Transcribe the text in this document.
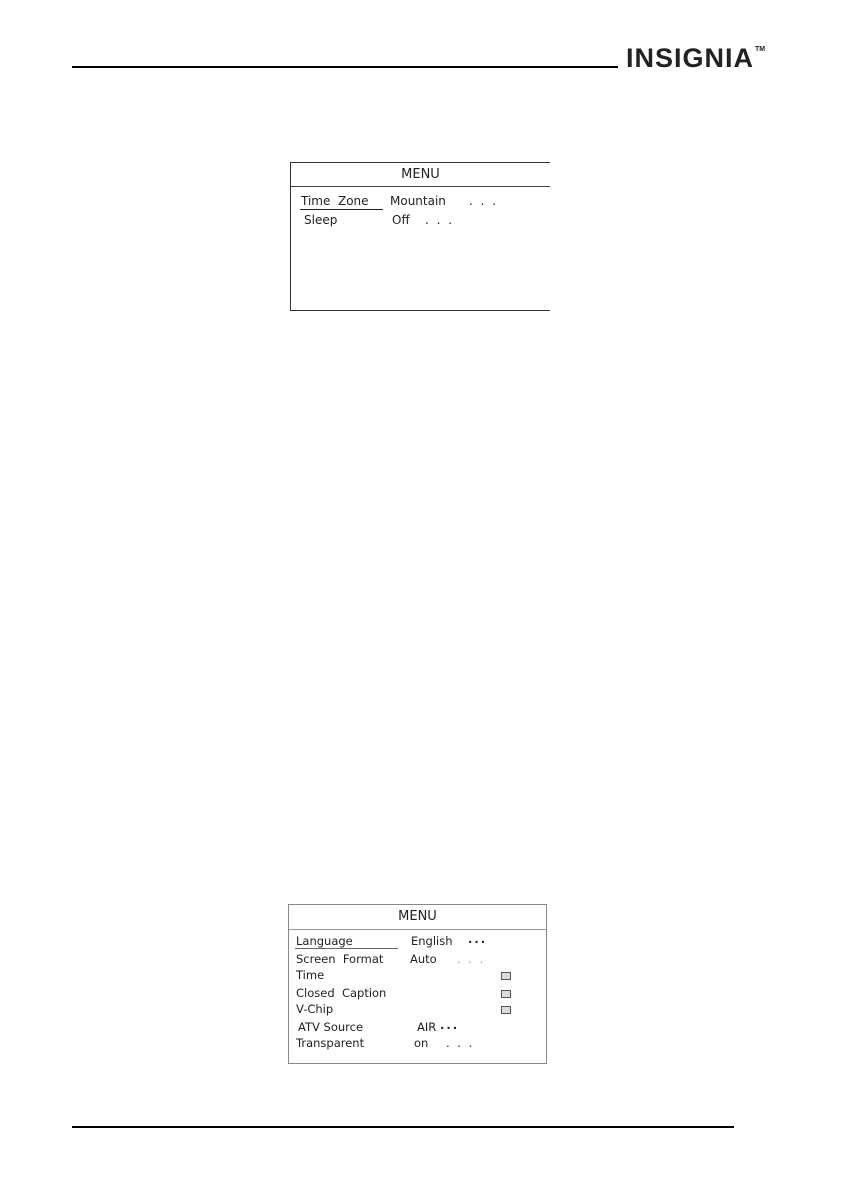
INSIGNIA TM
MENU
Time  Zone Mountain . . .
Sleep	Off . . .
MENU
Language	English ...
Screen  Format Auto . . .
Time
Closed  Caption
V-Chip
ATV Source	AIR ...
Transparent	on . . .
